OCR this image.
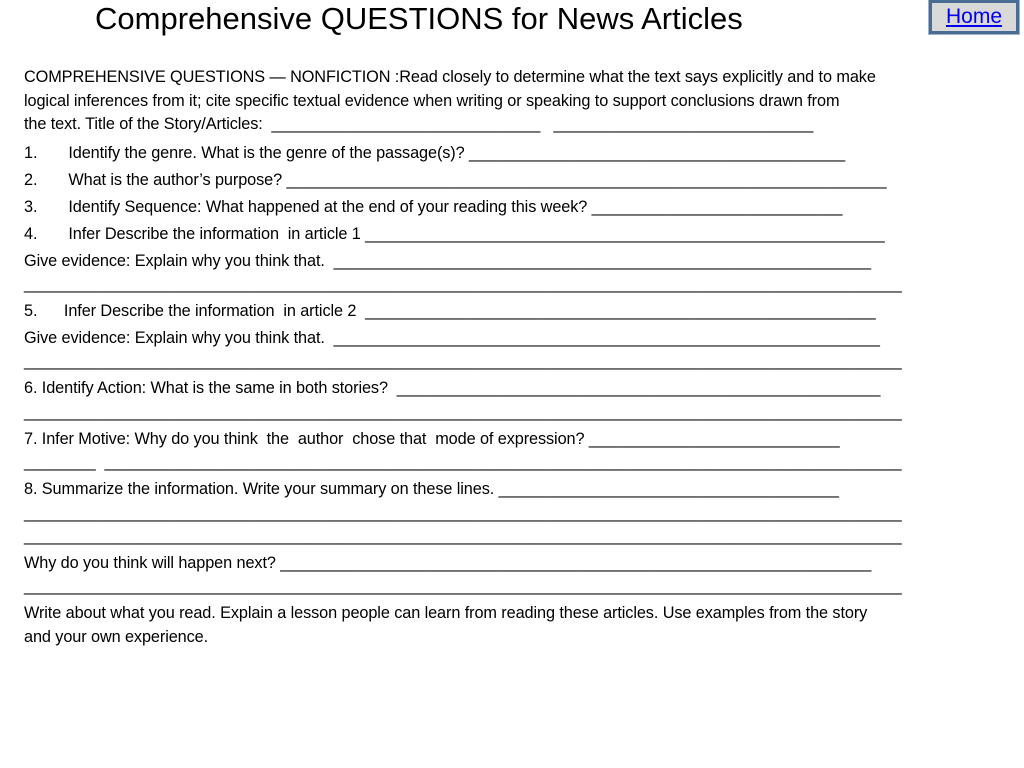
Comprehensive QUESTIONS for News Articles	Home
COMPREHENSIVE QUESTIONS — NONFICTION :Read closely to determine what the text says explicitly and to make
logical inferences from it; cite specific textual evidence when writing or speaking to support conclusions drawn from
the text. Title of the Story/Articles:  ______________________________   _____________________________

1.       Identify the genre. What is the genre of the passage(s)? __________________________________________

2.       What is the author’s purpose? ___________________________________________________________________

3.       Identify Sequence: What happened at the end of your reading this week? ____________________________

4.       Infer Describe the information  in article 1 __________________________________________________________

Give evidence: Explain why you think that.  ____________________________________________________________

__________________________________________________________________________________________________

5.      Infer Describe the information  in article 2  _________________________________________________________

Give evidence: Explain why you think that.  _____________________________________________________________

__________________________________________________________________________________________________

6. Identify Action: What is the same in both stories?  ______________________________________________________

__________________________________________________________________________________________________

7. Infer Motive: Why do you think  the  author  chose that  mode of expression? ____________________________

________  _________________________________________________________________________________________

8. Summarize the information. Write your summary on these lines. ______________________________________

__________________________________________________________________________________________________

__________________________________________________________________________________________________

Why do you think will happen next? __________________________________________________________________

__________________________________________________________________________________________________

Write about what you read. Explain a lesson people can learn from reading these articles. Use examples from the story

and your own experience.
